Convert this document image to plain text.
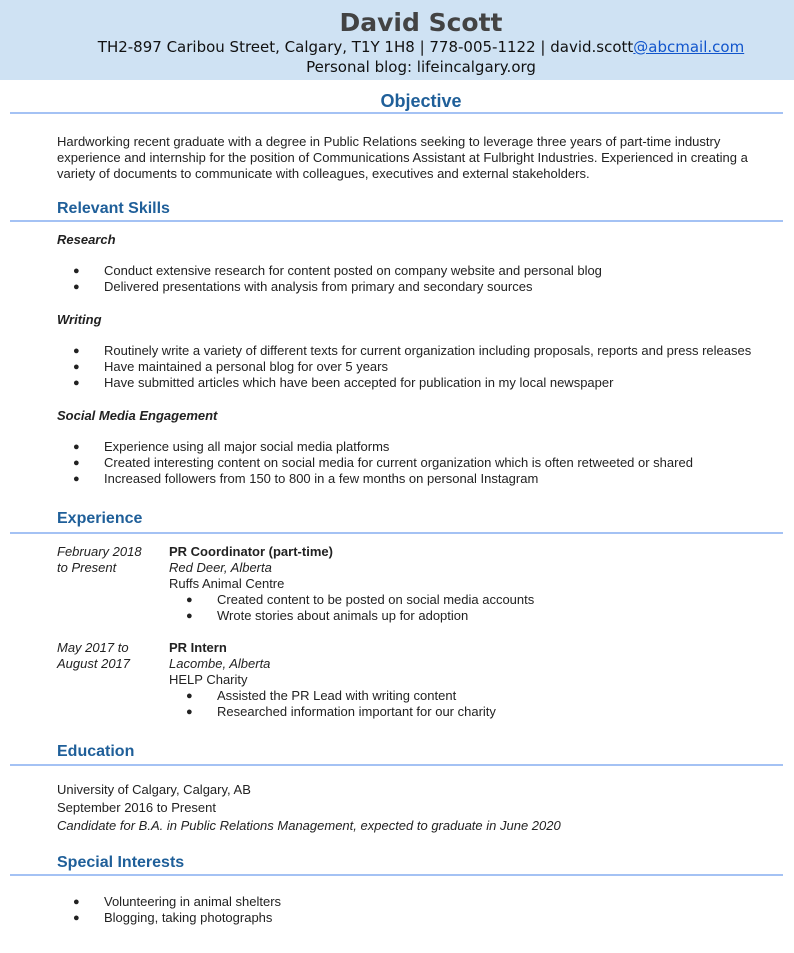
David Scott
TH2-897 Caribou Street, Calgary, T1Y 1H8 | 778-005-1122 | david.scott@abcmail.com
Personal blog: lifeincalgary.org
Objective
Hardworking recent graduate with a degree in Public Relations seeking to leverage three years of part-time industry experience and internship for the position of Communications Assistant at Fulbright Industries. Experienced in creating a variety of documents to communicate with colleagues, executives and external stakeholders.
Relevant Skills
Research
● Conduct extensive research for content posted on company website and personal blog
● Delivered presentations with analysis from primary and secondary sources
Writing
● Routinely write a variety of different texts for current organization including proposals, reports and press releases
● Have maintained a personal blog for over 5 years
● Have submitted articles which have been accepted for publication in my local newspaper
Social Media Engagement
● Experience using all major social media platforms
● Created interesting content on social media for current organization which is often retweeted or shared
● Increased followers from 150 to 800 in a few months on personal Instagram
Experience
February 2018
to Present
PR Coordinator (part-time)
Red Deer, Alberta
Ruffs Animal Centre
● Created content to be posted on social media accounts
● Wrote stories about animals up for adoption
May 2017 to
August 2017
PR Intern
Lacombe, Alberta
HELP Charity
● Assisted the PR Lead with writing content
● Researched information important for our charity
Education
University of Calgary, Calgary, AB
September 2016 to Present
Candidate for B.A. in Public Relations Management, expected to graduate in June 2020
Special Interests
● Volunteering in animal shelters
● Blogging, taking photographs
